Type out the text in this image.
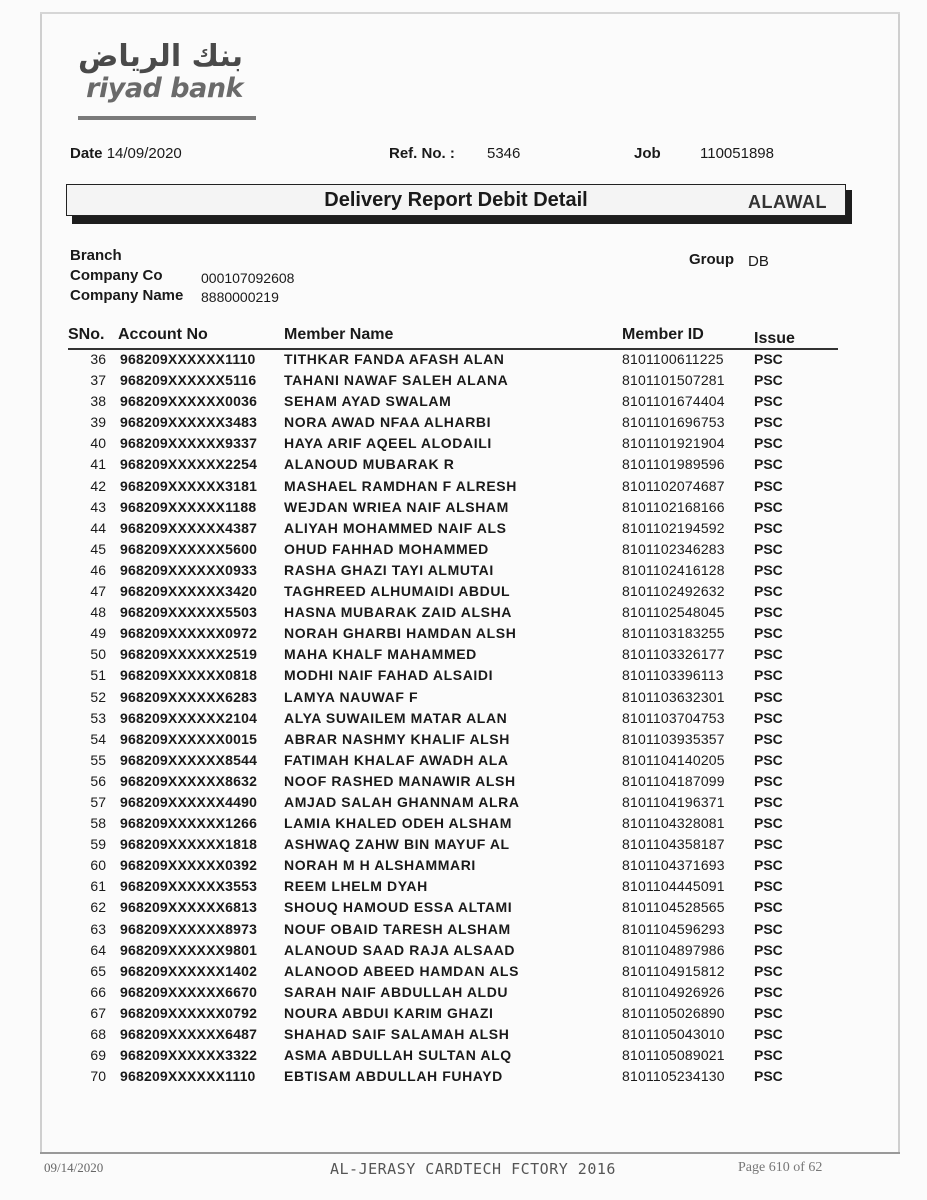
بنك الرياض
riyad bank
Date 14/09/2020	Ref. No. : 5346	Job	110051898
Delivery Report Debit Detail	ALAWAL
Branch
Company Co	000107092608
Company Name 8880000219
Group DB
SNo. Account No	Member Name	Member ID	Issue
36 968209XXXXXX1110 TITHKAR FANDA AFASH ALAN	8101100611225 PSC
37 968209XXXXXX5116 TAHANI NAWAF SALEH ALANA	8101101507281 PSC
38 968209XXXXXX0036 SEHAM AYAD SWALAM	8101101674404 PSC
39 968209XXXXXX3483 NORA AWAD NFAA ALHARBI	8101101696753 PSC
40 968209XXXXXX9337 HAYA ARIF AQEEL ALODAILI	8101101921904 PSC
41 968209XXXXXX2254 ALANOUD MUBARAK R	8101101989596 PSC
42 968209XXXXXX3181 MASHAEL RAMDHAN F ALRESH	8101102074687 PSC
43 968209XXXXXX1188 WEJDAN WRIEA NAIF ALSHAM	8101102168166 PSC
44 968209XXXXXX4387 ALIYAH MOHAMMED NAIF ALS	8101102194592 PSC
45 968209XXXXXX5600 OHUD FAHHAD MOHAMMED	8101102346283 PSC
46 968209XXXXXX0933 RASHA GHAZI TAYI ALMUTAI	8101102416128 PSC
47 968209XXXXXX3420 TAGHREED ALHUMAIDI ABDUL	8101102492632 PSC
48 968209XXXXXX5503 HASNA MUBARAK ZAID ALSHA	8101102548045 PSC
49 968209XXXXXX0972 NORAH GHARBI HAMDAN ALSH	8101103183255 PSC
50 968209XXXXXX2519 MAHA KHALF MAHAMMED	8101103326177 PSC
51 968209XXXXXX0818 MODHI NAIF FAHAD ALSAIDI	8101103396113 PSC
52 968209XXXXXX6283 LAMYA NAUWAF F	8101103632301 PSC
53 968209XXXXXX2104 ALYA SUWAILEM MATAR ALAN	8101103704753 PSC
54 968209XXXXXX0015 ABRAR NASHMY KHALIF ALSH	8101103935357 PSC
55 968209XXXXXX8544 FATIMAH KHALAF AWADH ALA	8101104140205 PSC
56 968209XXXXXX8632 NOOF RASHED MANAWIR ALSH	8101104187099 PSC
57 968209XXXXXX4490 AMJAD SALAH GHANNAM ALRA	8101104196371 PSC
58 968209XXXXXX1266 LAMIA KHALED ODEH ALSHAM	8101104328081 PSC
59 968209XXXXXX1818 ASHWAQ ZAHW BIN MAYUF AL	8101104358187 PSC
60 968209XXXXXX0392 NORAH M H ALSHAMMARI	8101104371693 PSC
61 968209XXXXXX3553 REEM LHELM DYAH	8101104445091 PSC
62 968209XXXXXX6813 SHOUQ HAMOUD ESSA ALTAMI	8101104528565 PSC
63 968209XXXXXX8973 NOUF OBAID TARESH ALSHAM	8101104596293 PSC
64 968209XXXXXX9801 ALANOUD SAAD RAJA ALSAAD	8101104897986 PSC
65 968209XXXXXX1402 ALANOOD ABEED HAMDAN ALS	8101104915812 PSC
66 968209XXXXXX6670 SARAH NAIF ABDULLAH ALDU	8101104926926 PSC
67 968209XXXXXX0792 NOURA ABDUI KARIM GHAZI	8101105026890 PSC
68 968209XXXXXX6487 SHAHAD SAIF SALAMAH ALSH	8101105043010 PSC
69 968209XXXXXX3322 ASMA ABDULLAH SULTAN ALQ	8101105089021 PSC
70 968209XXXXXX1110 EBTISAM ABDULLAH FUHAYD	8101105234130 PSC
09/14/2020	AL-JERASY CARDTECH FCTORY 2016	Page 610 of 62
